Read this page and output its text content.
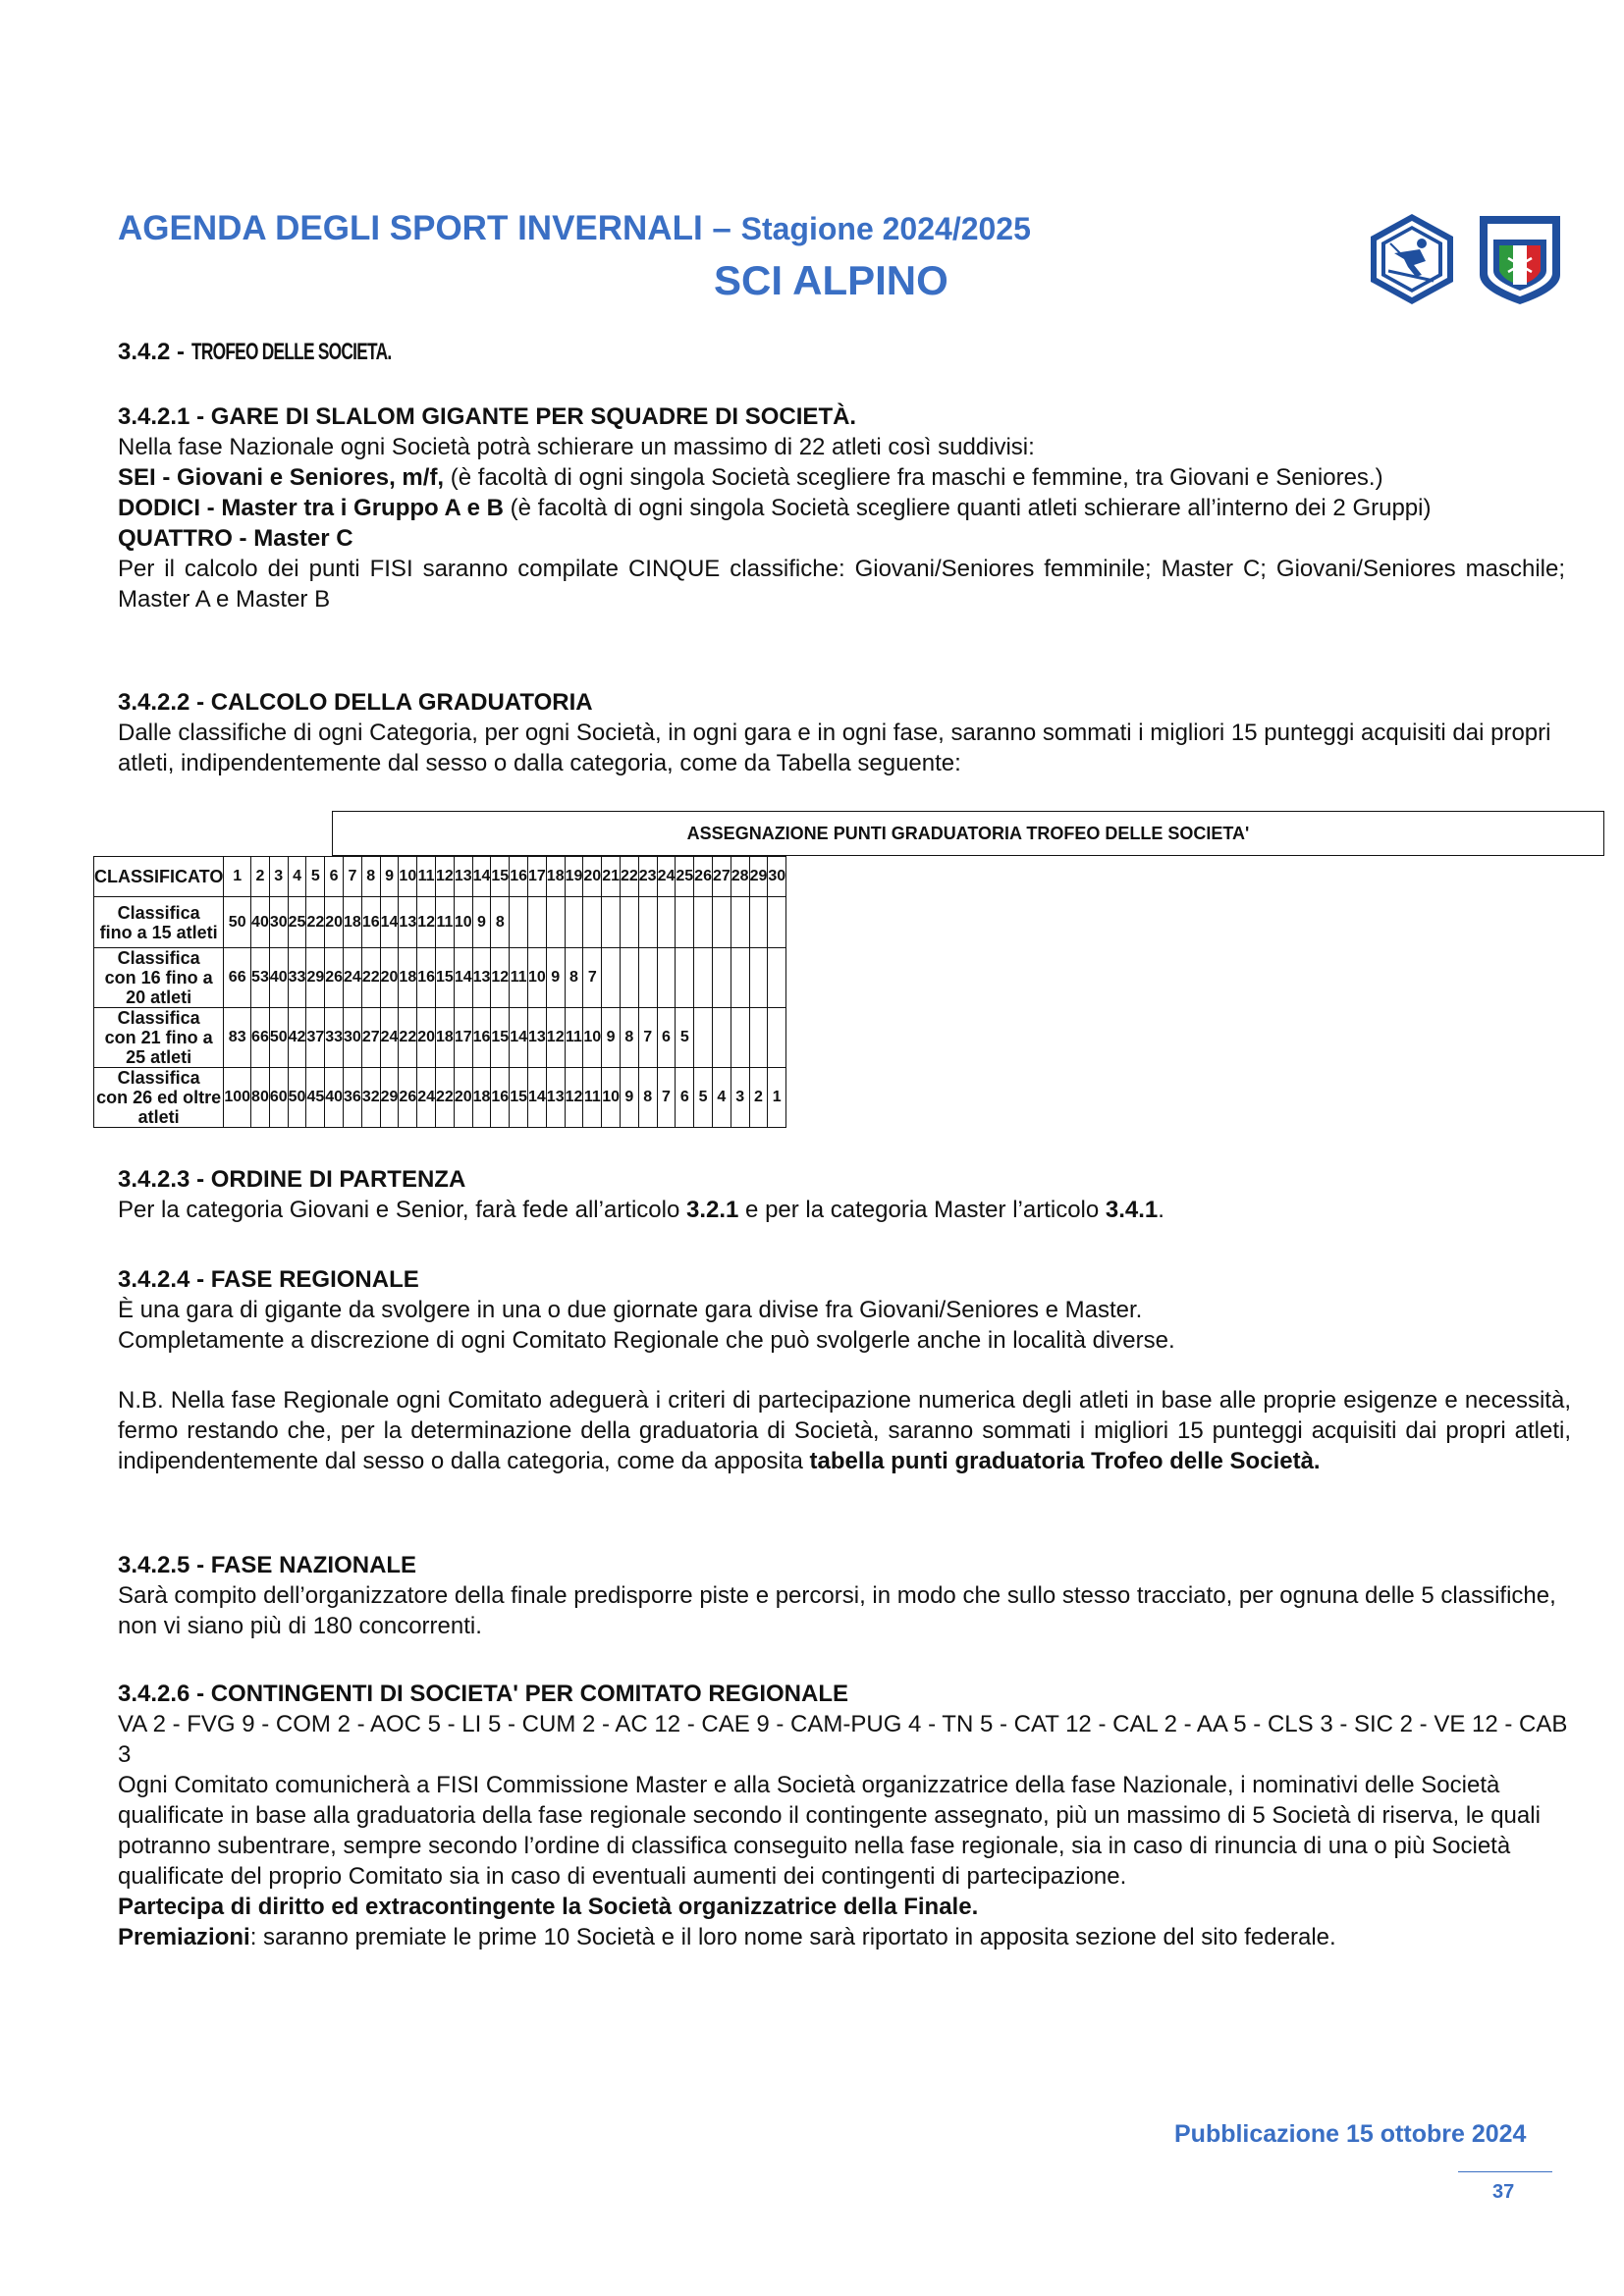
AGENDA DEGLI SPORT INVERNALI – Stagione 2024/2025
SCI ALPINO
FISI
3.4.2 - TROFEO DELLE SOCIETA.

3.4.2.1 - GARE DI SLALOM GIGANTE PER SQUADRE DI SOCIETÀ.

Nella fase Nazionale ogni Società potrà schierare un massimo di 22 atleti così suddivisi:

SEI - Giovani e Seniores, m/f, (è facoltà di ogni singola Società scegliere fra maschi e femmine, tra Giovani e Seniores.)

DODICI - Master tra i Gruppo A e B (è facoltà di ogni singola Società scegliere quanti atleti schierare all’interno dei 2 Gruppi)

QUATTRO - Master C

Per il calcolo dei punti FISI saranno compilate CINQUE classifiche: Giovani/Seniores femminile; Master C; Giovani/Seniores maschile; Master A e Master B

3.4.2.2 - CALCOLO DELLA GRADUATORIA

Dalle classifiche di ogni Categoria, per ogni Società, in ogni gara e in ogni fase, saranno sommati i migliori 15 punteggi acquisiti dai propri atleti, indipendentemente dal sesso o dalla categoria, come da Tabella seguente:

ASSEGNAZIONE PUNTI GRADUATORIA TROFEO DELLE SOCIETA'
CLASSIFICATO	1	2	3	4	5	6	7	8	9	10	11	12	13	14	15	16	17	18	19	20	21	22	23	24	25	26	27	28	29	30

Classifica
fino a 15 atleti	50	40	30	25	22	20	18	16	14	13	12	11	10	9	8															

Classifica
con 16 fino a 20 atleti	66	53	40	33	29	26	24	22	20	18	16	15	14	13	12	11	10	9	8	7										

Classifica
con 21 fino a 25 atleti	83	66	50	42	37	33	30	27	24	22	20	18	17	16	15	14	13	12	11	10	9	8	7	6	5					

Classifica
con 26 ed oltre atleti	100	80	60	50	45	40	36	32	29	26	24	22	20	18	16	15	14	13	12	11	10	9	8	7	6	5	4	3	2	1

3.4.2.3 - ORDINE DI PARTENZA

Per la categoria Giovani e Senior, farà fede all’articolo 3.2.1 e per la categoria Master l’articolo 3.4.1.

3.4.2.4 - FASE REGIONALE

È una gara di gigante da svolgere in una o due giornate gara divise fra Giovani/Seniores e Master.

Completamente a discrezione di ogni Comitato Regionale che può svolgerle anche in località diverse.

N.B. Nella fase Regionale ogni Comitato adeguerà i criteri di partecipazione numerica degli atleti in base alle proprie esigenze e necessità, fermo restando che, per la determinazione della graduatoria di Società, saranno sommati i migliori 15 punteggi acquisiti dai propri atleti, indipendentemente dal sesso o dalla categoria, come da apposita tabella punti graduatoria Trofeo delle Società.

3.4.2.5 - FASE NAZIONALE

Sarà compito dell’organizzatore della finale predisporre piste e percorsi, in modo che sullo stesso tracciato, per ognuna delle 5 classifiche, non vi siano più di 180 concorrenti.

3.4.2.6 - CONTINGENTI DI SOCIETA' PER COMITATO REGIONALE

VA 2 - FVG 9 - COM 2 - AOC 5 - LI 5 - CUM 2 - AC 12 - CAE 9 - CAM-PUG 4 - TN 5 - CAT 12 - CAL 2 - AA 5 - CLS 3 - SIC 2 - VE 12 - CAB 3

Ogni Comitato comunicherà a FISI Commissione Master e alla Società organizzatrice della fase Nazionale, i nominativi delle Società qualificate in base alla graduatoria della fase regionale secondo il contingente assegnato, più un massimo di 5 Società di riserva, le quali potranno subentrare, sempre secondo l’ordine di classifica conseguito nella fase regionale, sia in caso di rinuncia di una o più Società qualificate del proprio Comitato sia in caso di eventuali aumenti dei contingenti di partecipazione.

Partecipa di diritto ed extracontingente la Società organizzatrice della Finale.

Premiazioni: saranno premiate le prime 10 Società e il loro nome sarà riportato in apposita sezione del sito federale.

Pubblicazione 15 ottobre 2024
37
